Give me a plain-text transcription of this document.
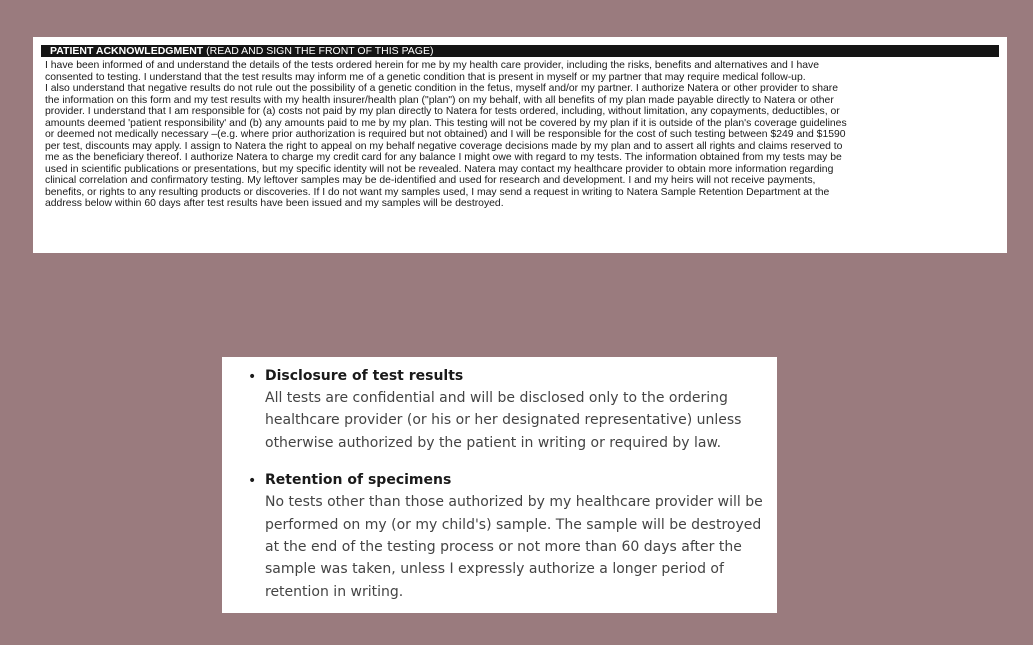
PATIENT ACKNOWLEDGMENT (READ AND SIGN THE FRONT OF THIS PAGE)
I have been informed of and understand the details of the tests ordered herein for me by my health care provider, including the risks, benefits and alternatives and I have
consented to testing. I understand that the test results may inform me of a genetic condition that is present in myself or my partner that may require medical follow-up.
I also understand that negative results do not rule out the possibility of a genetic condition in the fetus, myself and/or my partner. I authorize Natera or other provider to share
the information on this form and my test results with my health insurer/health plan ("plan") on my behalf, with all benefits of my plan made payable directly to Natera or other
provider. I understand that I am responsible for (a) costs not paid by my plan directly to Natera for tests ordered, including, without limitation, any copayments, deductibles, or
amounts deemed 'patient responsibility' and (b) any amounts paid to me by my plan. This testing will not be covered by my plan if it is outside of the plan's coverage guidelines
or deemed not medically necessary –(e.g. where prior authorization is required but not obtained) and I will be responsible for the cost of such testing between $249 and $1590
per test, discounts may apply. I assign to Natera the right to appeal on my behalf negative coverage decisions made by my plan and to assert all rights and claims reserved to
me as the beneficiary thereof. I authorize Natera to charge my credit card for any balance I might owe with regard to my tests. The information obtained from my tests may be
used in scientific publications or presentations, but my specific identity will not be revealed. Natera may contact my healthcare provider to obtain more information regarding
clinical correlation and confirmatory testing. My leftover samples may be de-identified and used for research and development. I and my heirs will not receive payments,
benefits, or rights to any resulting products or discoveries. If I do not want my samples used, I may send a request in writing to Natera Sample Retention Department at the
address below within 60 days after test results have been issued and my samples will be destroyed.
• Disclosure of test results
All tests are confidential and will be disclosed only to the ordering
healthcare provider (or his or her designated representative) unless
otherwise authorized by the patient in writing or required by law.
• Retention of specimens
No tests other than those authorized by my healthcare provider will be
performed on my (or my child's) sample. The sample will be destroyed
at the end of the testing process or not more than 60 days after the
sample was taken, unless I expressly authorize a longer period of
retention in writing.
